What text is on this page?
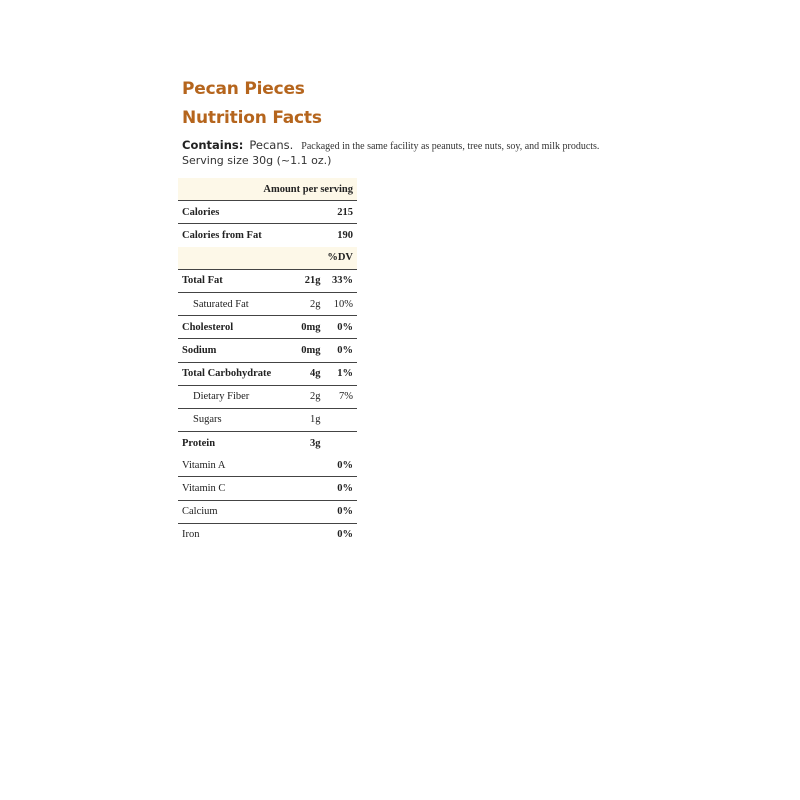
Pecan Pieces
Nutrition Facts
Contains: Pecans. Packaged in the same facility as peanuts, tree nuts, soy, and milk products.
Serving size 30g (~1.1 oz.)
Amount per serving		
Calories		215
Calories from Fat		190
%DV		
Total Fat	21g	33%
Saturated Fat	2g	10%
Cholesterol	0mg	0%
Sodium	0mg	0%
Total Carbohydrate	4g	1%
Dietary Fiber	2g	7%
Sugars	1g	
Protein	3g	
Vitamin A		0%
Vitamin C		0%
Calcium		0%
Iron		0%
